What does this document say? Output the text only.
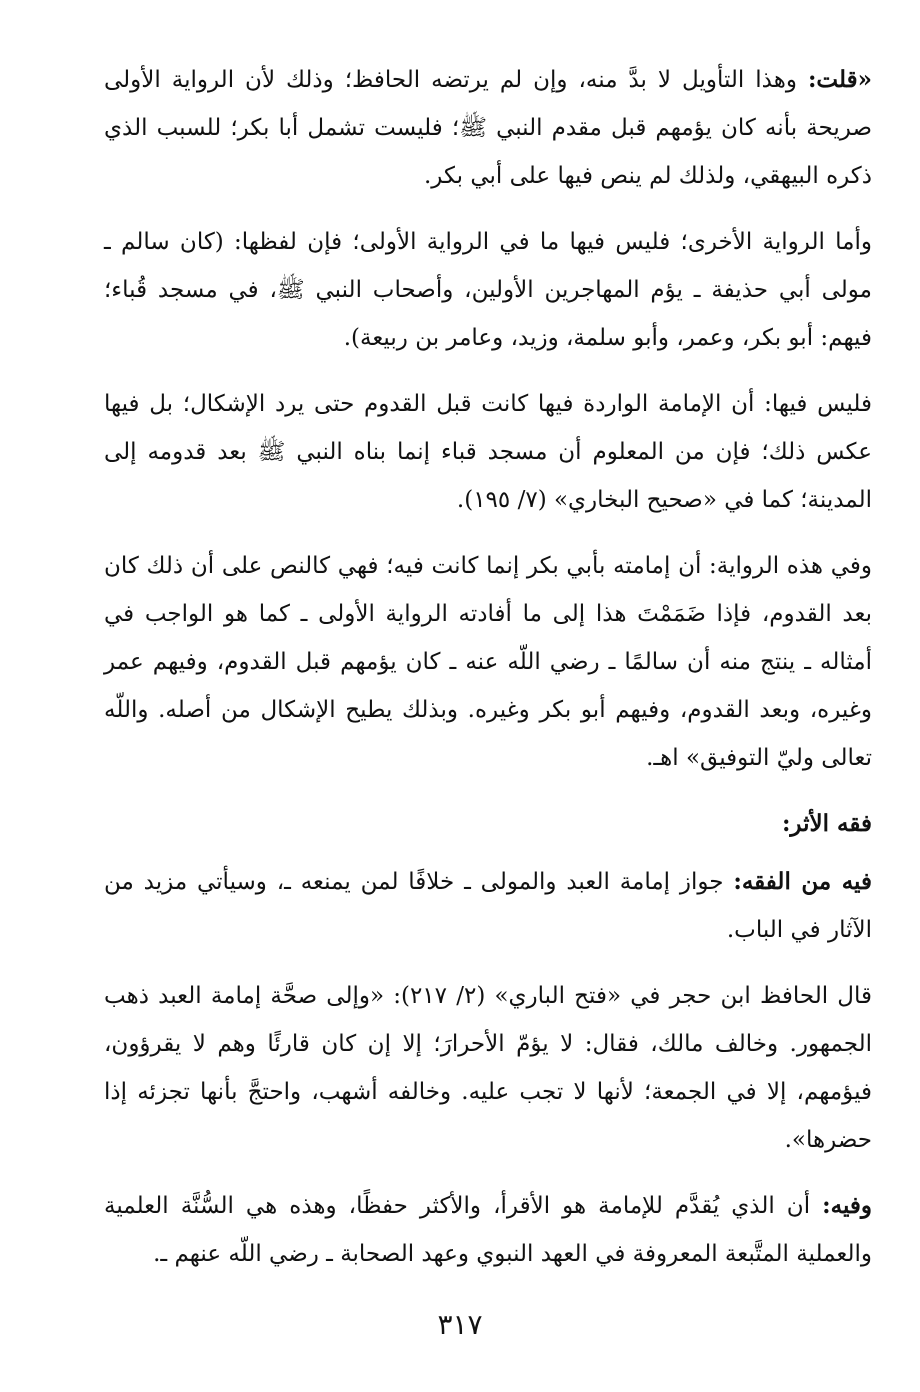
«قلت: وهذا التأويل لا بدَّ منه، وإن لم يرتضه الحافظ؛ وذلك لأن الرواية الأولى صريحة بأنه كان يؤمهم قبل مقدم النبي ﷺ؛ فليست تشمل أبا بكر؛ للسبب الذي ذكره البيهقي، ولذلك لم ينص فيها على أبي بكر.

وأما الرواية الأخرى؛ فليس فيها ما في الرواية الأولى؛ فإن لفظها: (كان سالم ـ مولى أبي حذيفة ـ يؤم المهاجرين الأولين، وأصحاب النبي ﷺ، في مسجد قُباء؛ فيهم: أبو بكر، وعمر، وأبو سلمة، وزيد، وعامر بن ربيعة).

فليس فيها: أن الإمامة الواردة فيها كانت قبل القدوم حتى يرد الإشكال؛ بل فيها عكس ذلك؛ فإن من المعلوم أن مسجد قباء إنما بناه النبي ﷺ بعد قدومه إلى المدينة؛ كما في «صحيح البخاري» (٧/ ١٩٥).

وفي هذه الرواية: أن إمامته بأبي بكر إنما كانت فيه؛ فهي كالنص على أن ذلك كان بعد القدوم، فإذا ضَمَمْتَ هذا إلى ما أفادته الرواية الأولى ـ كما هو الواجب في أمثاله ـ ينتج منه أن سالمًا ـ رضي اللّه عنه ـ كان يؤمهم قبل القدوم، وفيهم عمر وغيره، وبعد القدوم، وفيهم أبو بكر وغيره. وبذلك يطيح الإشكال من أصله. واللّه تعالى وليّ التوفيق» اهـ.

فقه الأثر:

فيه من الفقه: جواز إمامة العبد والمولى ـ خلافًا لمن يمنعه ـ، وسيأتي مزيد من الآثار في الباب.

قال الحافظ ابن حجر في «فتح الباري» (٢/ ٢١٧): «وإلى صحَّة إمامة العبد ذهب الجمهور. وخالف مالك، فقال: لا يؤمّ الأحرارَ؛ إلا إن كان قارئًا وهم لا يقرؤون، فيؤمهم، إلا في الجمعة؛ لأنها لا تجب عليه. وخالفه أشهب، واحتجَّ بأنها تجزئه إذا حضرها».

وفيه: أن الذي يُقدَّم للإمامة هو الأقرأ، والأكثر حفظًا، وهذه هي السُّنَّة العلمية والعملية المتَّبعة المعروفة في العهد النبوي وعهد الصحابة ـ رضي اللّه عنهم ـ.

٣١٧
